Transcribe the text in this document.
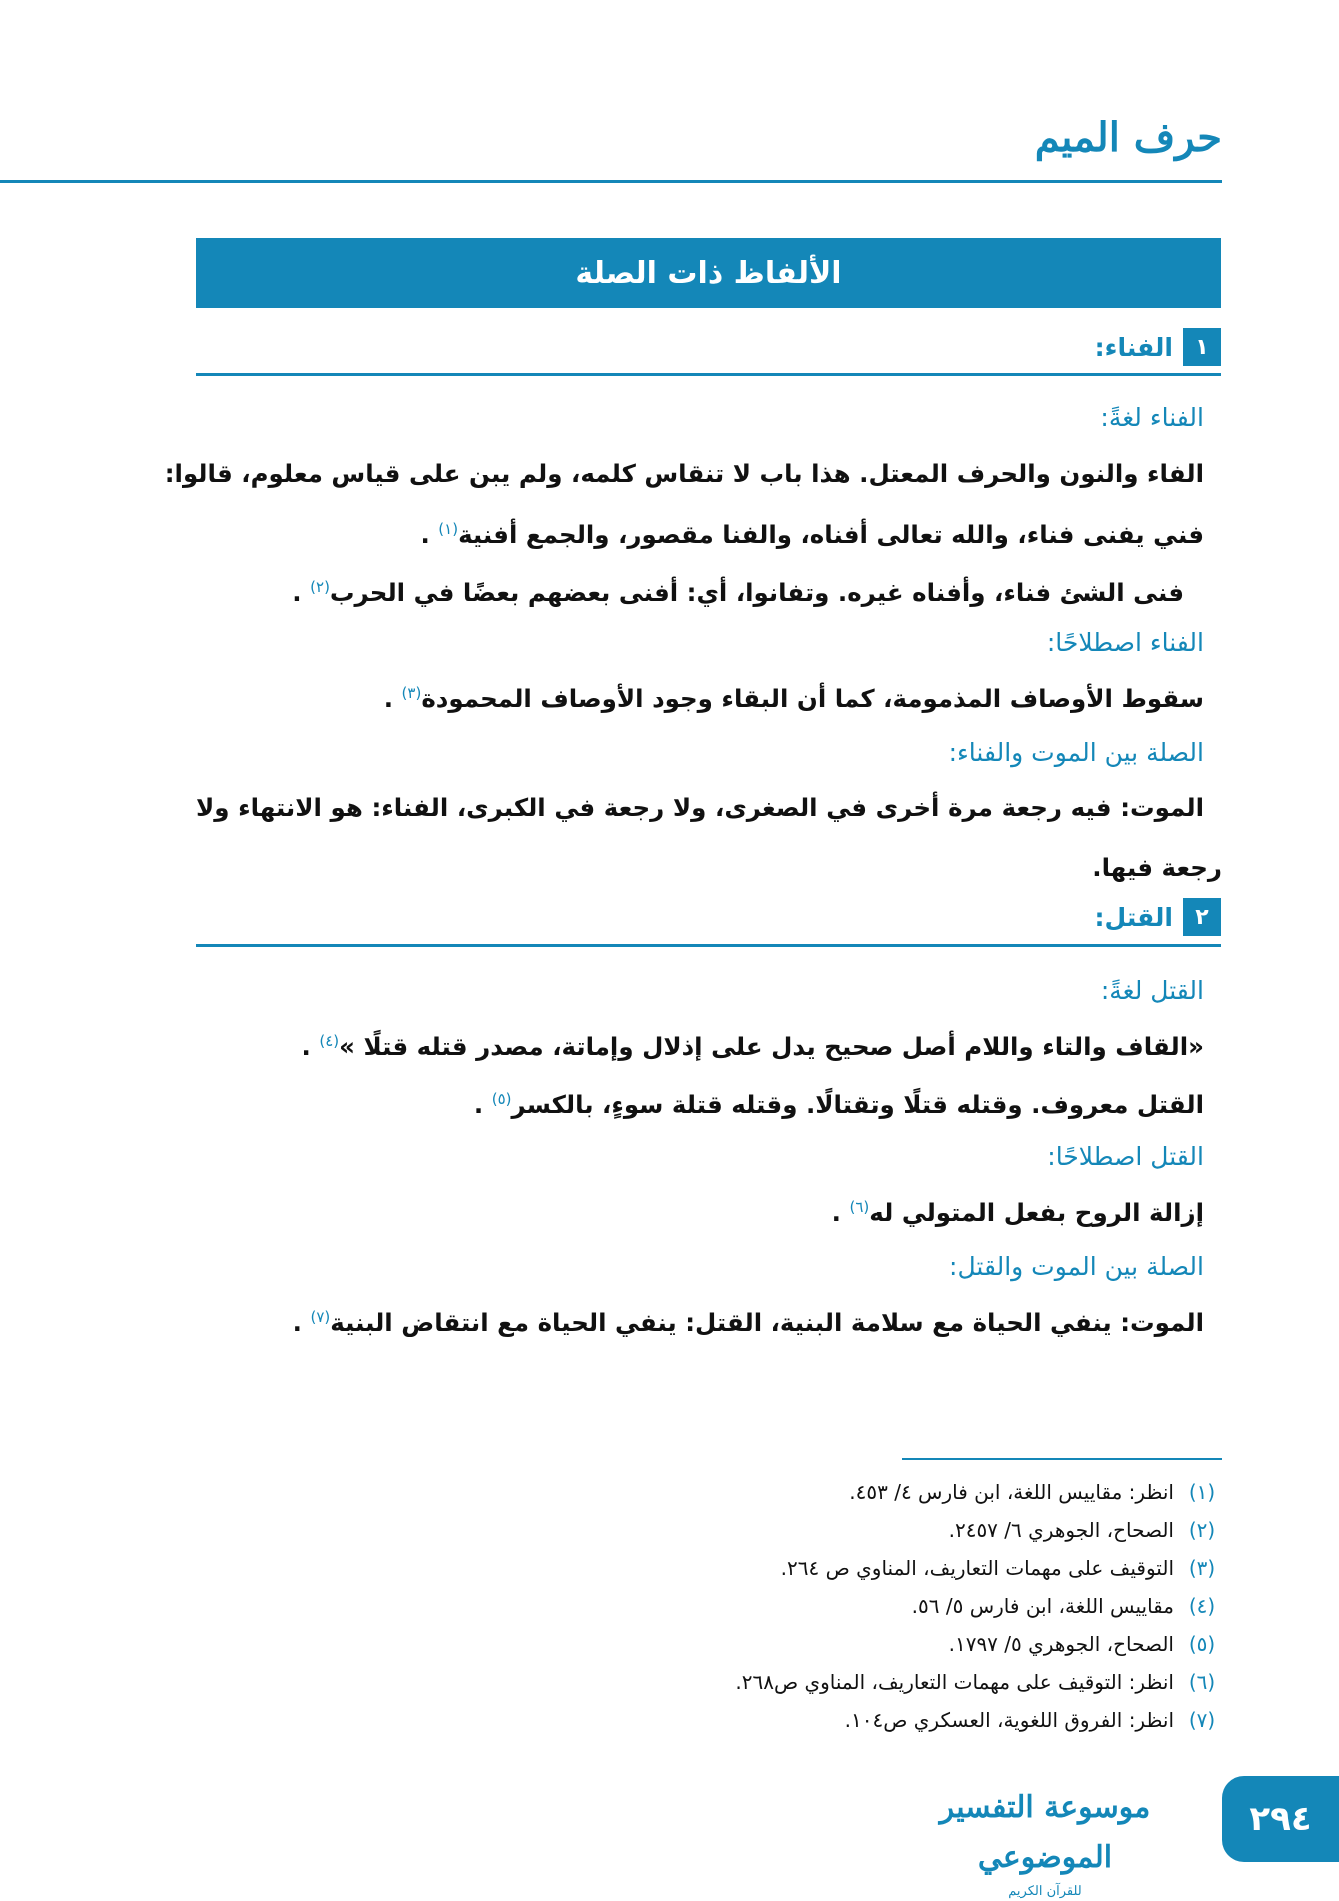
حرف الميم
الألفاظ ذات الصلة
١
الفناء:

الفناء لغةً:

الفاء والنون والحرف المعتل. هذا باب لا تنقاس كلمه، ولم يبن على قياس معلوم، قالوا:

فني يفنى فناء، والله تعالى أفناه، والفنا مقصور، والجمع أفنية$^{(١)}$ .

فنى الشئ فناء، وأفناه غيره. وتفانوا، أي: أفنى بعضهم بعضًا في الحرب$^{(٢)}$ .

الفناء اصطلاحًا:

سقوط الأوصاف المذمومة، كما أن البقاء وجود الأوصاف المحمودة$^{(٣)}$ .

الصلة بين الموت والفناء:

الموت: فيه رجعة مرة أخرى في الصغرى، ولا رجعة في الكبرى، الفناء: هو الانتهاء ولا

رجعة فيها.

٢
القتل:

القتل لغةً:

«القاف والتاء واللام أصل صحيح يدل على إذلال وإماتة، مصدر قتله قتلًا »$^{(٤)}$ .

القتل معروف. وقتله قتلًا وتقتالًا. وقتله قتلة سوءٍ، بالكسر$^{(٥)}$ .

القتل اصطلاحًا:

إزالة الروح بفعل المتولي له$^{(٦)}$ .

الصلة بين الموت والقتل:

الموت: ينفي الحياة مع سلامة البنية، القتل: ينفي الحياة مع انتقاض البنية$^{(٧)}$ .

(١)
انظر: مقاييس اللغة، ابن فارس ٤/ ٤٥٣.
(٢)
الصحاح، الجوهري ٦/ ٢٤٥٧.
(٣)
التوقيف على مهمات التعاريف، المناوي ص ٢٦٤.
(٤)
مقاييس اللغة، ابن فارس ٥/ ٥٦.
(٥)
الصحاح، الجوهري ٥/ ١٧٩٧.
(٦)
انظر: التوقيف على مهمات التعاريف، المناوي ص٢٦٨.
(٧)
انظر: الفروق اللغوية، العسكري ص١٠٤.
موسوعة التفسير الموضوعي
للقرآن الكريم
٢٩٤
